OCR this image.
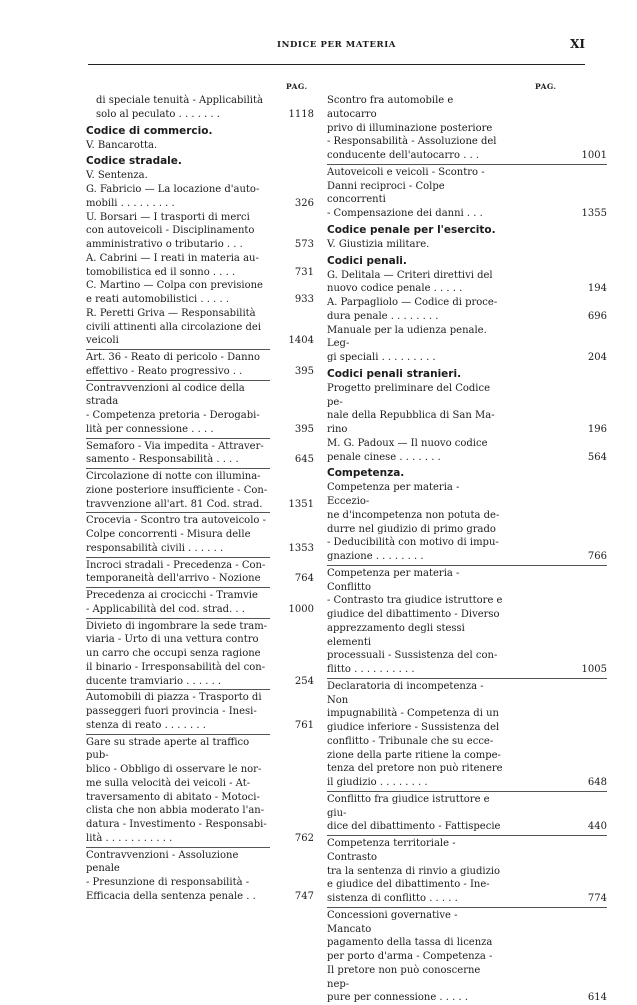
INDICE PER MATERIA	XI
PAG.
di speciale tenuità - Applicabilità
solo al peculato . . . . . . .	1118
Codice di commercio.
V. Bancarotta.
Codice stradale.
V. Sentenza.
G. Fabricio — La locazione d'auto-
mobili . . . . . . . . .	326
U. Borsari — I trasporti di merci
con autoveicoli - Disciplinamento
amministrativo o tributario . . .	573
A. Cabrini — I reati in materia au-
tomobilistica ed il sonno . . . .	731
C. Martino — Colpa con previsione
e reati automobilistici . . . . .	933
R. Peretti Griva — Responsabilità
civili attinenti alla circolazione dei
veicoli	1404
Art. 36 - Reato di pericolo - Danno
effettivo - Reato progressivo . .	395
Contravvenzioni al codice della strada
- Competenza pretoria - Derogabi-
lità per connessione . . . .	395
Semaforo - Via impedita - Attraver-
samento - Responsabilità . . . .	645
Circolazione di notte con illumina-
zione posteriore insufficiente - Con-
travvenzione all'art. 81 Cod. strad.	1351
Crocevia - Scontro tra autoveicolo -
Colpe concorrenti - Misura delle
responsabilità civili . . . . . .	1353
Incroci stradali - Precedenza - Con-
temporaneità dell'arrivo - Nozione	764
Precedenza ai crocicchi - Tramvie
- Applicabilità del cod. strad. . .	1000
Divieto di ingombrare la sede tram-
viaria - Urto di una vettura contro
un carro che occupi senza ragione
il binario - Irresponsabilità del con-
ducente tramviario . . . . . .	254
Automobili di piazza - Trasporto di
passeggeri fuori provincia - Inesi-
stenza di reato . . . . . . .	761
Gare su strade aperte al traffico pub-
blico - Obbligo di osservare le nor-
me sulla velocità dei veicoli - At-
traversamento di abitato - Motoci-
clista che non abbia moderato l'an-
datura - Investimento - Responsabi-
lità . . . . . . . . . . .	762
Contravvenzioni - Assoluzione penale
- Presunzione di responsabilità -
Efficacia della sentenza penale . .	747
PAG.
Scontro fra automobile e autocarro
privo di illuminazione posteriore
- Responsabilità - Assoluzione del
conducente dell'autocarro . . .	1001
Autoveicoli e veicoli - Scontro -
Danni reciproci - Colpe concorrenti
- Compensazione dei danni . . .	1355
Codice penale per l'esercito.
V. Giustizia militare.
Codici penali.
G. Delitala — Criteri direttivi del
nuovo codice penale . . . . .	194
A. Parpagliolo — Codice di proce-
dura penale . . . . . . . .	696
Manuale per la udienza penale. Leg-
gi speciali . . . . . . . . .	204
Codici penali stranieri.
Progetto preliminare del Codice pe-
nale della Repubblica di San Ma-
rino	196
M. G. Padoux — Il nuovo codice
penale cinese . . . . . . .	564
Competenza.
Competenza per materia - Eccezio-
ne d'incompetenza non potuta de-
durre nel giudizio di primo grado
- Deducibilità con motivo di impu-
gnazione . . . . . . . .	766
Competenza per materia - Conflitto
- Contrasto tra giudice istruttore e
giudice del dibattimento - Diverso
apprezzamento degli stessi elementi
processuali - Sussistenza del con-
flitto . . . . . . . . . .	1005
Declaratoria di incompetenza - Non
impugnabilità - Competenza di un
giudice inferiore - Sussistenza del
conflitto - Tribunale che su ecce-
zione della parte ritiene la compe-
tenza del pretore non può ritenere
il giudizio . . . . . . . .	648
Conflitto fra giudice istruttore e giu-
dice del dibattimento - Fattispecie	440
Competenza territoriale - Contrasto
tra la sentenza di rinvio a giudizio
e giudice del dibattimento - Ine-
sistenza di conflitto . . . . .	774
Concessioni governative - Mancato
pagamento della tassa di licenza
per porto d'arma - Competenza -
Il pretore non può conoscerne nep-
pure per connessione . . . . .	614
